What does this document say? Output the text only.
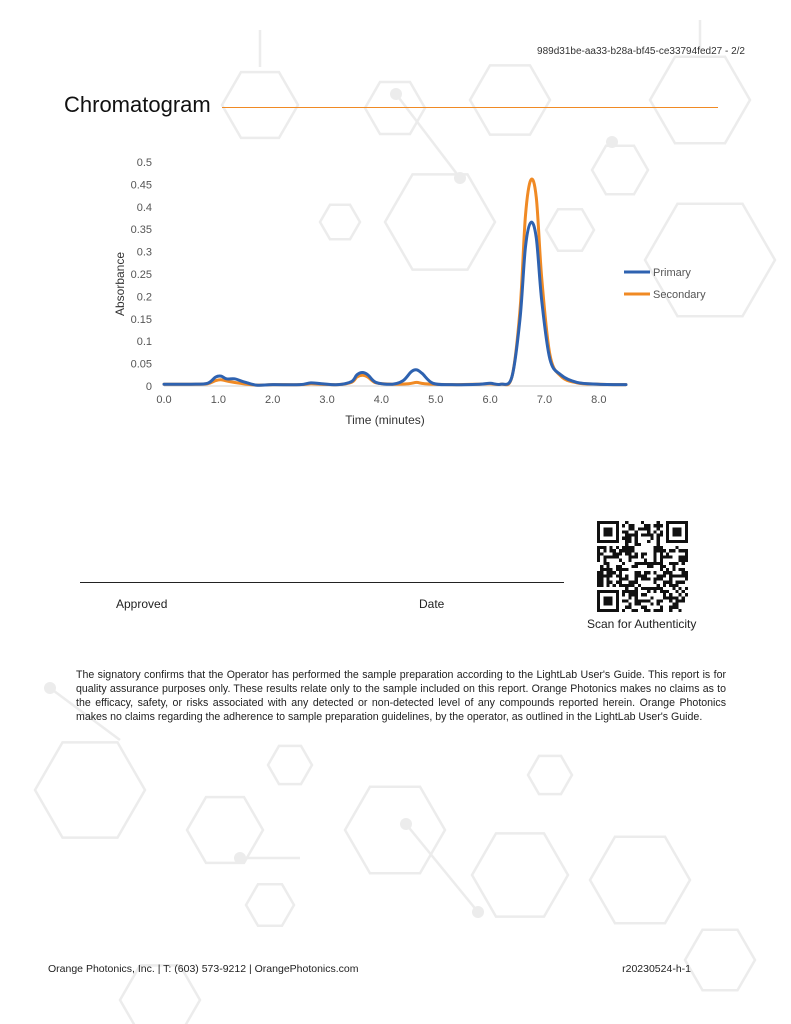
989d31be-aa33-b28a-bf45-ce33794fed27 - 2/2
Chromatogram
0
0.05
0.1
0.15
0.2
0.25
0.3
0.35
0.4
0.45
0.5
0.0	1.0	2.0	3.0	4.0	5.0	6.0	7.0	8.0
Time (minutes)
Absorbance	Primary
Secondary
Approved	Date
Scan for Authenticity
The signatory confirms that the Operator has performed the sample preparation according to the LightLab User's Guide. This report is for quality assurance purposes only. These results relate only to the sample included on this report. Orange Photonics makes no claims as to the efficacy, safety, or risks associated with any detected or non-detected level of any compounds reported herein. Orange Photonics makes no claims regarding the adherence to sample preparation guidelines, by the operator, as outlined in the LightLab User's Guide.
Orange Photonics, Inc. | T: (603) 573-9212 | OrangePhotonics.com	r20230524-h-1
